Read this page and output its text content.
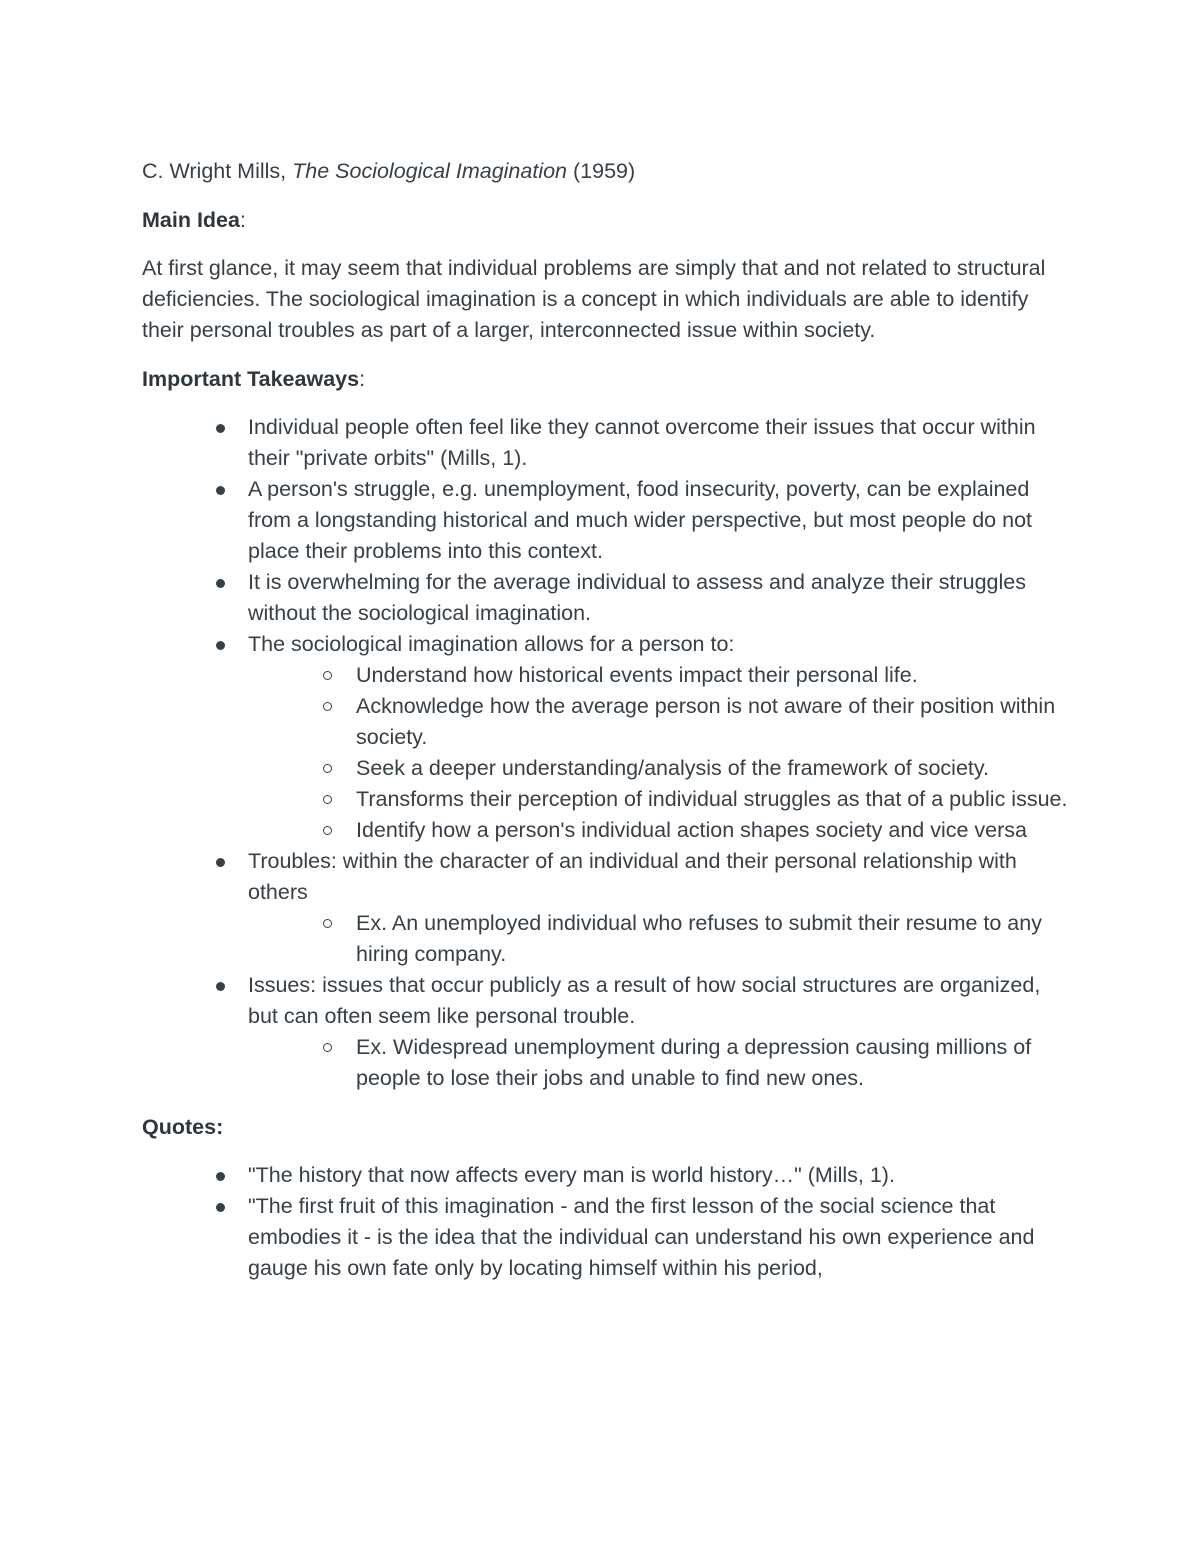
C. Wright Mills, The Sociological Imagination (1959)
Main Idea:
At first glance, it may seem that individual problems are simply that and not related to structural deficiencies. The sociological imagination is a concept in which individuals are able to identify their personal troubles as part of a larger, interconnected issue within society.
Important Takeaways:
Individual people often feel like they cannot overcome their issues that occur within their "private orbits" (Mills, 1).
A person's struggle, e.g. unemployment, food insecurity, poverty, can be explained from a longstanding historical and much wider perspective, but most people do not place their problems into this context.
It is overwhelming for the average individual to assess and analyze their struggles without the sociological imagination.
The sociological imagination allows for a person to:
Understand how historical events impact their personal life.
Acknowledge how the average person is not aware of their position within society.
Seek a deeper understanding/analysis of the framework of society.
Transforms their perception of individual struggles as that of a public issue.
Identify how a person's individual action shapes society and vice versa
Troubles: within the character of an individual and their personal relationship with others
Ex. An unemployed individual who refuses to submit their resume to any hiring company.
Issues: issues that occur publicly as a result of how social structures are organized, but can often seem like personal trouble.
Ex. Widespread unemployment during a depression causing millions of people to lose their jobs and unable to find new ones.
Quotes:
"The history that now affects every man is world history…" (Mills, 1).
"The first fruit of this imagination - and the first lesson of the social science that embodies it - is the idea that the individual can understand his own experience and gauge his own fate only by locating himself within his period,
